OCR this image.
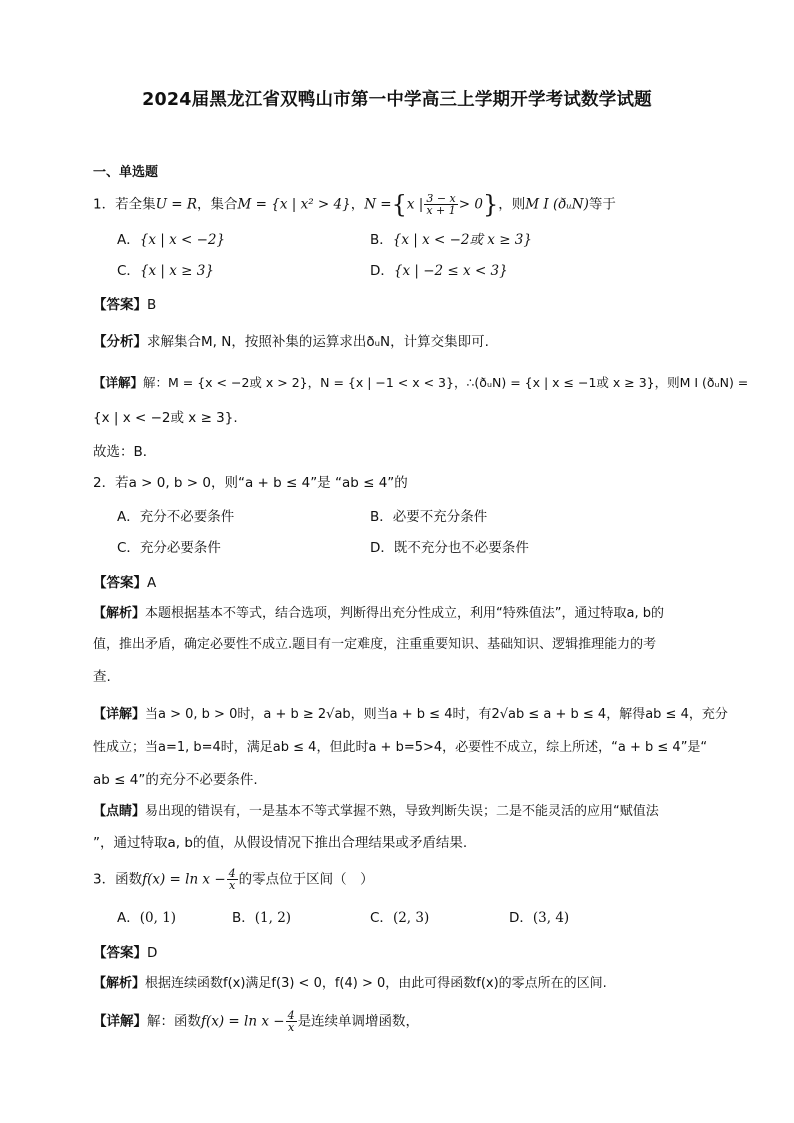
2024届黑龙江省双鸭山市第一中学高三上学期开学考试数学试题
一、单选题
1．若全集U = R，集合M = {x | x² > 4}，N ={x | $\frac{3 - x}{x + 1} > 0$}，则M I (ðᵤN)等于
A．{x | x < −2}	B．{x | x < −2或 x ≥ 3}
C．{x | x ≥ 3}	D．{x | −2 ≤ x < 3}
【答案】B
【分析】求解集合M, N，按照补集的运算求出ðᵤN，计算交集即可.
【详解】解：M = {x < −2或 x > 2}，N = {x | −1 < x < 3}，∴(ðᵤN) = {x | x ≤ −1或 x ≥ 3}，则M I (ðᵤN) =
{x | x < −2或 x ≥ 3}.
故选：B．
2．若a > 0, b > 0，则“a + b ≤ 4”是 “ab ≤ 4”的
A．充分不必要条件	B．必要不充分条件
C．充分必要条件	D．既不充分也不必要条件
【答案】A
【解析】本题根据基本不等式，结合选项，判断得出充分性成立，利用“特殊值法”，通过特取a, b的
值，推出矛盾，确定必要性不成立.题目有一定难度，注重重要知识、基础知识、逻辑推理能力的考
查.
【详解】当a > 0, b > 0时，a + b ≥ 2√ab，则当a + b ≤ 4时，有2√ab ≤ a + b ≤ 4，解得ab ≤ 4，充分
性成立；当a=1, b=4时，满足ab ≤ 4，但此时a + b=5>4，必要性不成立，综上所述，“a + b ≤ 4”是“
ab ≤ 4”的充分不必要条件.
【点睛】易出现的错误有，一是基本不等式掌握不熟，导致判断失误；二是不能灵活的应用“赋值法
”，通过特取a, b的值，从假设情况下推出合理结果或矛盾结果.
3．函数$f(x) = \ln x - \frac{4}{x}$ 的零点位于区间（　）
A．(0, 1)	B．(1, 2)	C．(2, 3)	D．(3, 4)
【答案】D
【解析】根据连续函数f(x)满足f(3) < 0，f(4) > 0，由此可得函数f(x)的零点所在的区间.
【详解】解：函数$f(x) = \ln x - \frac{4}{x}$ 是连续单调增函数，
